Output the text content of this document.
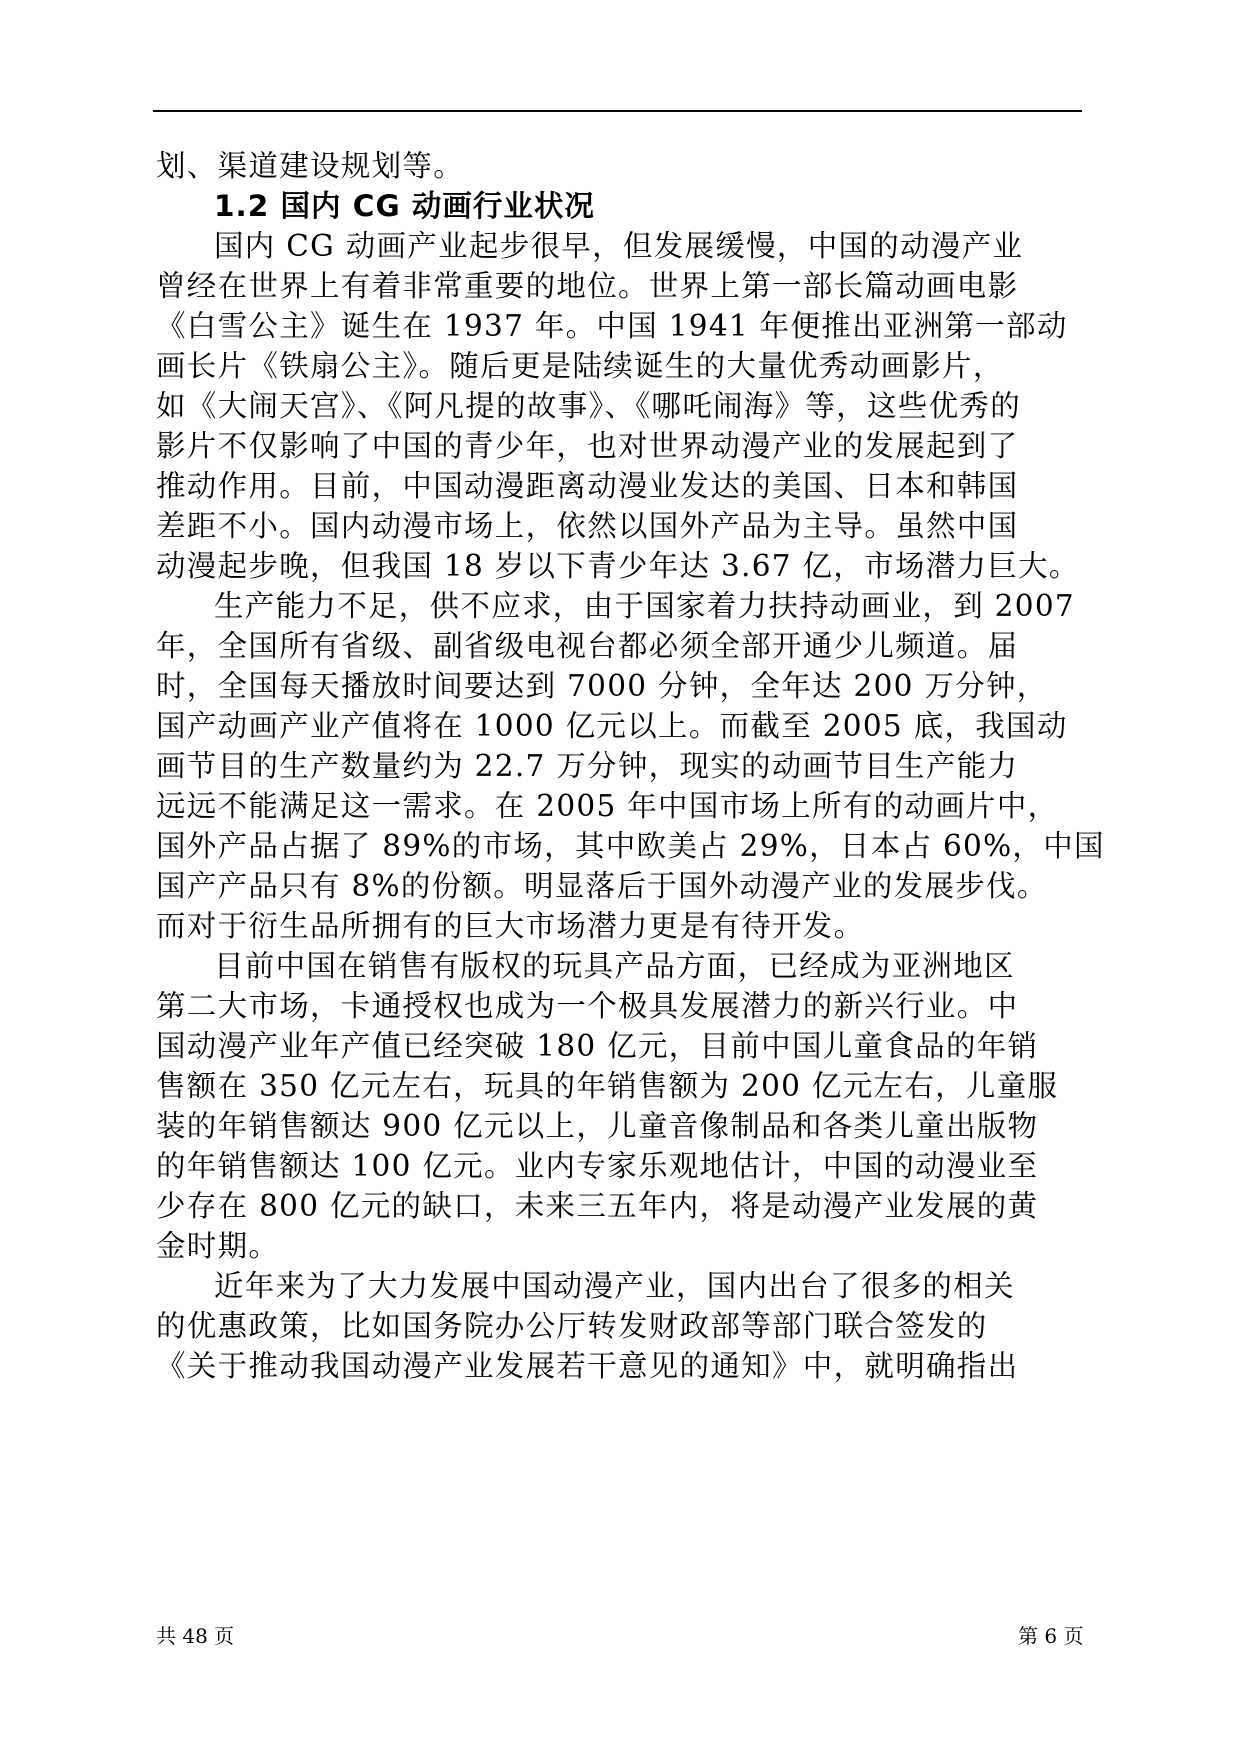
划、渠道建设规划等。
1.2 国内 CG 动画行业状况
国内 CG 动画产业起步很早，但发展缓慢，中国的动漫产业
曾经在世界上有着非常重要的地位。世界上第一部长篇动画电影
《白雪公主》诞生在 1937 年。中国 1941 年便推出亚洲第一部动
画长片《铁扇公主》。随后更是陆续诞生的大量优秀动画影片，
如《大闹天宫》、《阿凡提的故事》、《哪吒闹海》等，这些优秀的
影片不仅影响了中国的青少年，也对世界动漫产业的发展起到了
推动作用。目前，中国动漫距离动漫业发达的美国、日本和韩国
差距不小。国内动漫市场上，依然以国外产品为主导。虽然中国
动漫起步晚，但我国 18 岁以下青少年达 3.67 亿，市场潜力巨大。
生产能力不足，供不应求，由于国家着力扶持动画业，到 2007
年，全国所有省级、副省级电视台都必须全部开通少儿频道。届
时，全国每天播放时间要达到 7000 分钟，全年达 200 万分钟，
国产动画产业产值将在 1000 亿元以上。而截至 2005 底，我国动
画节目的生产数量约为 22.7 万分钟，现实的动画节目生产能力
远远不能满足这一需求。在 2005 年中国市场上所有的动画片中，
国外产品占据了 89%的市场，其中欧美占 29%，日本占 60%，中国
国产产品只有 8%的份额。明显落后于国外动漫产业的发展步伐。
而对于衍生品所拥有的巨大市场潜力更是有待开发。
目前中国在销售有版权的玩具产品方面，已经成为亚洲地区
第二大市场，卡通授权也成为一个极具发展潜力的新兴行业。中
国动漫产业年产值已经突破 180 亿元，目前中国儿童食品的年销
售额在 350 亿元左右，玩具的年销售额为 200 亿元左右，儿童服
装的年销售额达 900 亿元以上，儿童音像制品和各类儿童出版物
的年销售额达 100 亿元。业内专家乐观地估计，中国的动漫业至
少存在 800 亿元的缺口，未来三五年内，将是动漫产业发展的黄
金时期。
近年来为了大力发展中国动漫产业，国内出台了很多的相关
的优惠政策，比如国务院办公厅转发财政部等部门联合签发的
《关于推动我国动漫产业发展若干意见的通知》中，就明确指出
共 48 页	第 6 页
